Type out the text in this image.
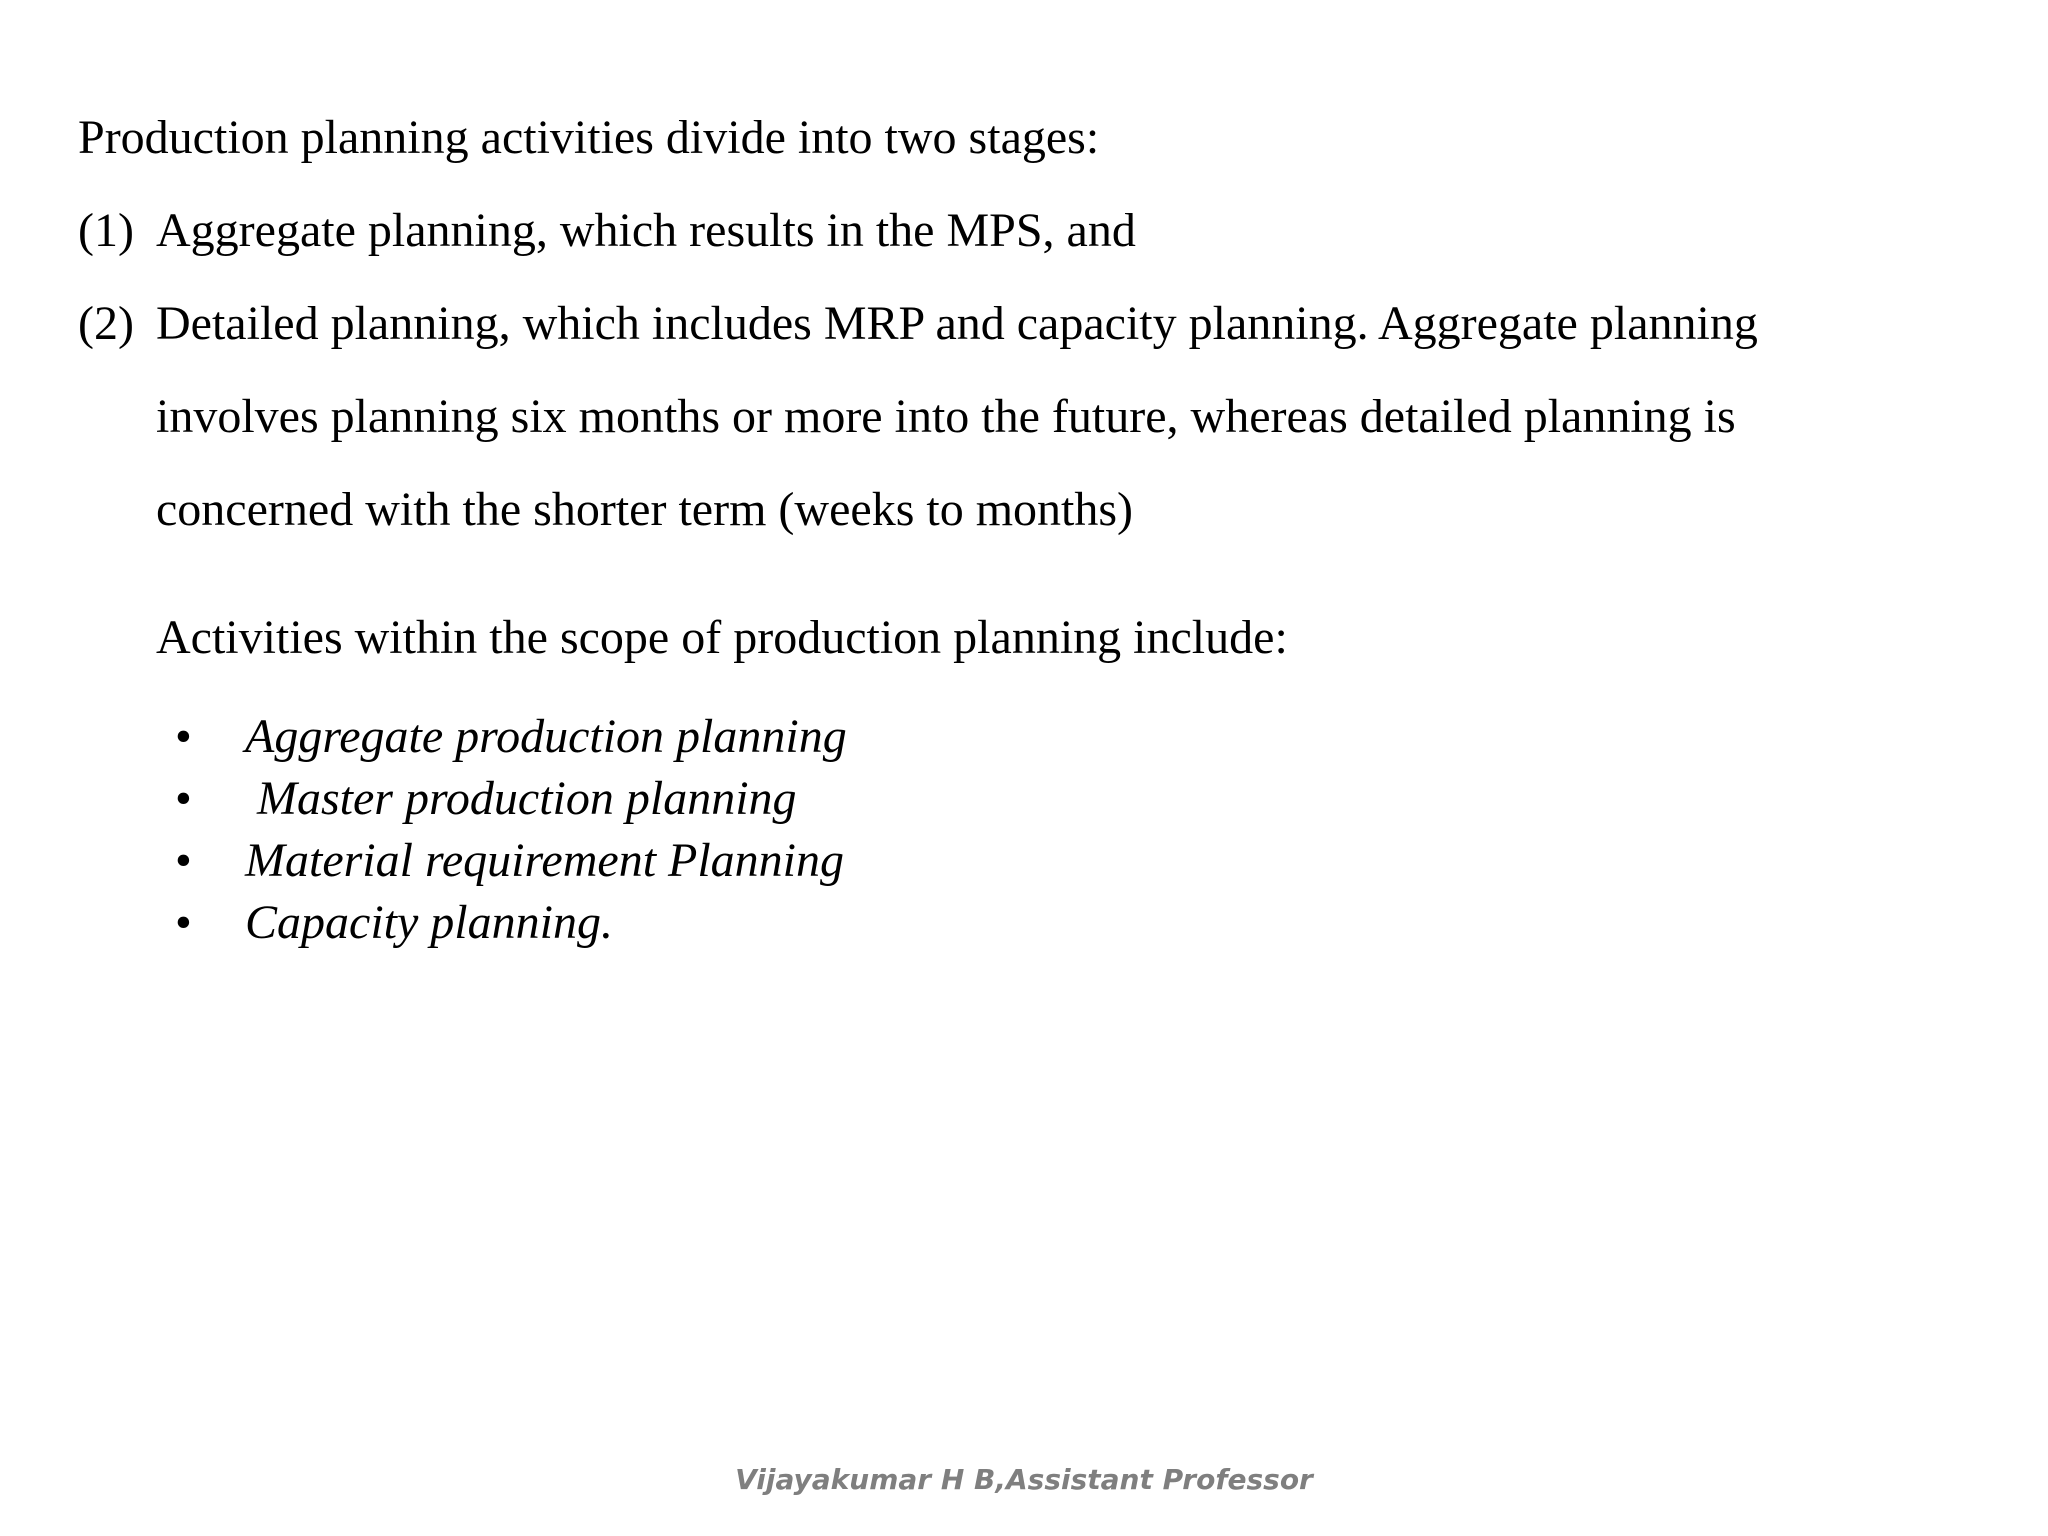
Production planning activities divide into two stages:

(1) Aggregate planning, which results in the MPS, and

(2) Detailed planning, which includes MRP and capacity planning. Aggregate planning

involves planning six months or more into the future, whereas detailed planning is

concerned with the shorter term (weeks to months)

Activities within the scope of production planning include:

• Aggregate production planning
• Master production planning
• Material requirement Planning
• Capacity planning.
Vijayakumar H B,Assistant Professor
